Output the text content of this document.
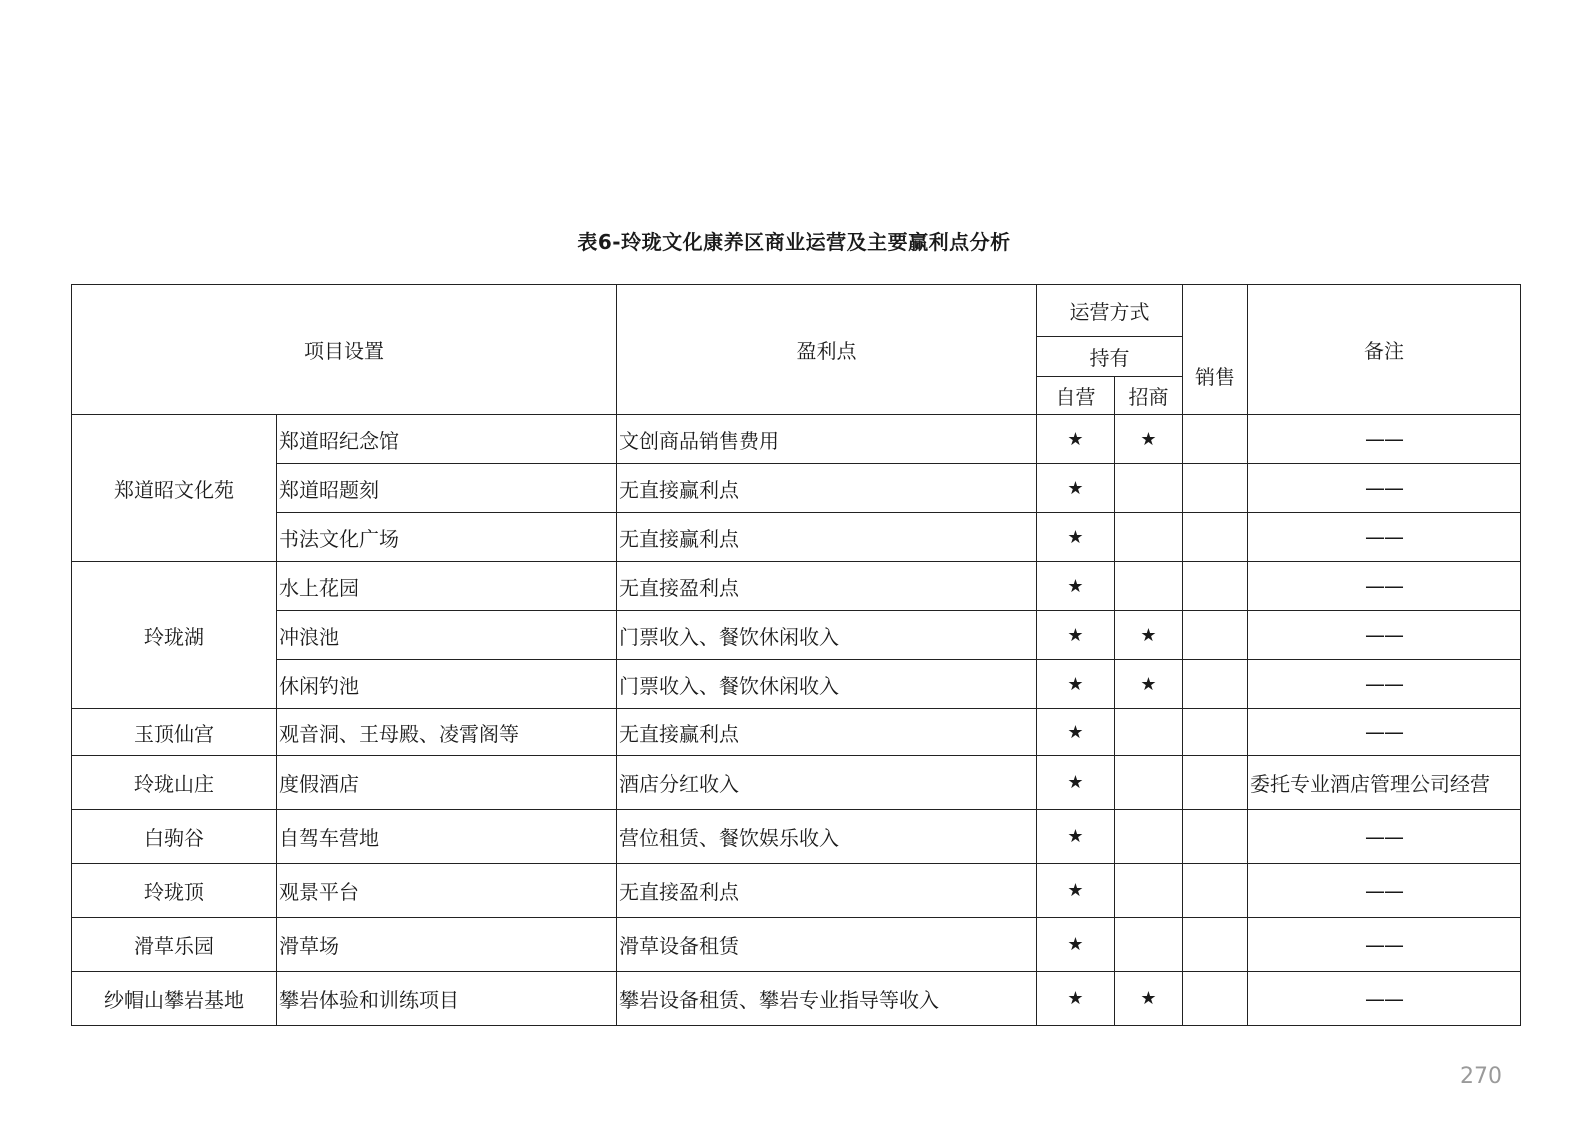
表6-玲珑文化康养区商业运营及主要赢利点分析
项目设置		盈利点	运营方式			备注
			持有		销售	
			自营	招商		
郑道昭文化苑	郑道昭纪念馆	文创商品销售费用	★	★		——
	郑道昭题刻	无直接赢利点	★			——
	书法文化广场	无直接赢利点	★			——
玲珑湖	水上花园	无直接盈利点	★			——
	冲浪池	门票收入、餐饮休闲收入	★	★		——
	休闲钓池	门票收入、餐饮休闲收入	★	★		——
玉顶仙宫	观音洞、王母殿、凌霄阁等	无直接赢利点	★			——
玲珑山庄	度假酒店	酒店分红收入	★			委托专业酒店管理公司经营
白驹谷	自驾车营地	营位租赁、餐饮娱乐收入	★			——
玲珑顶	观景平台	无直接盈利点	★			——
滑草乐园	滑草场	滑草设备租赁	★			——
纱帽山攀岩基地	攀岩体验和训练项目	攀岩设备租赁、攀岩专业指导等收入	★	★		——
270
